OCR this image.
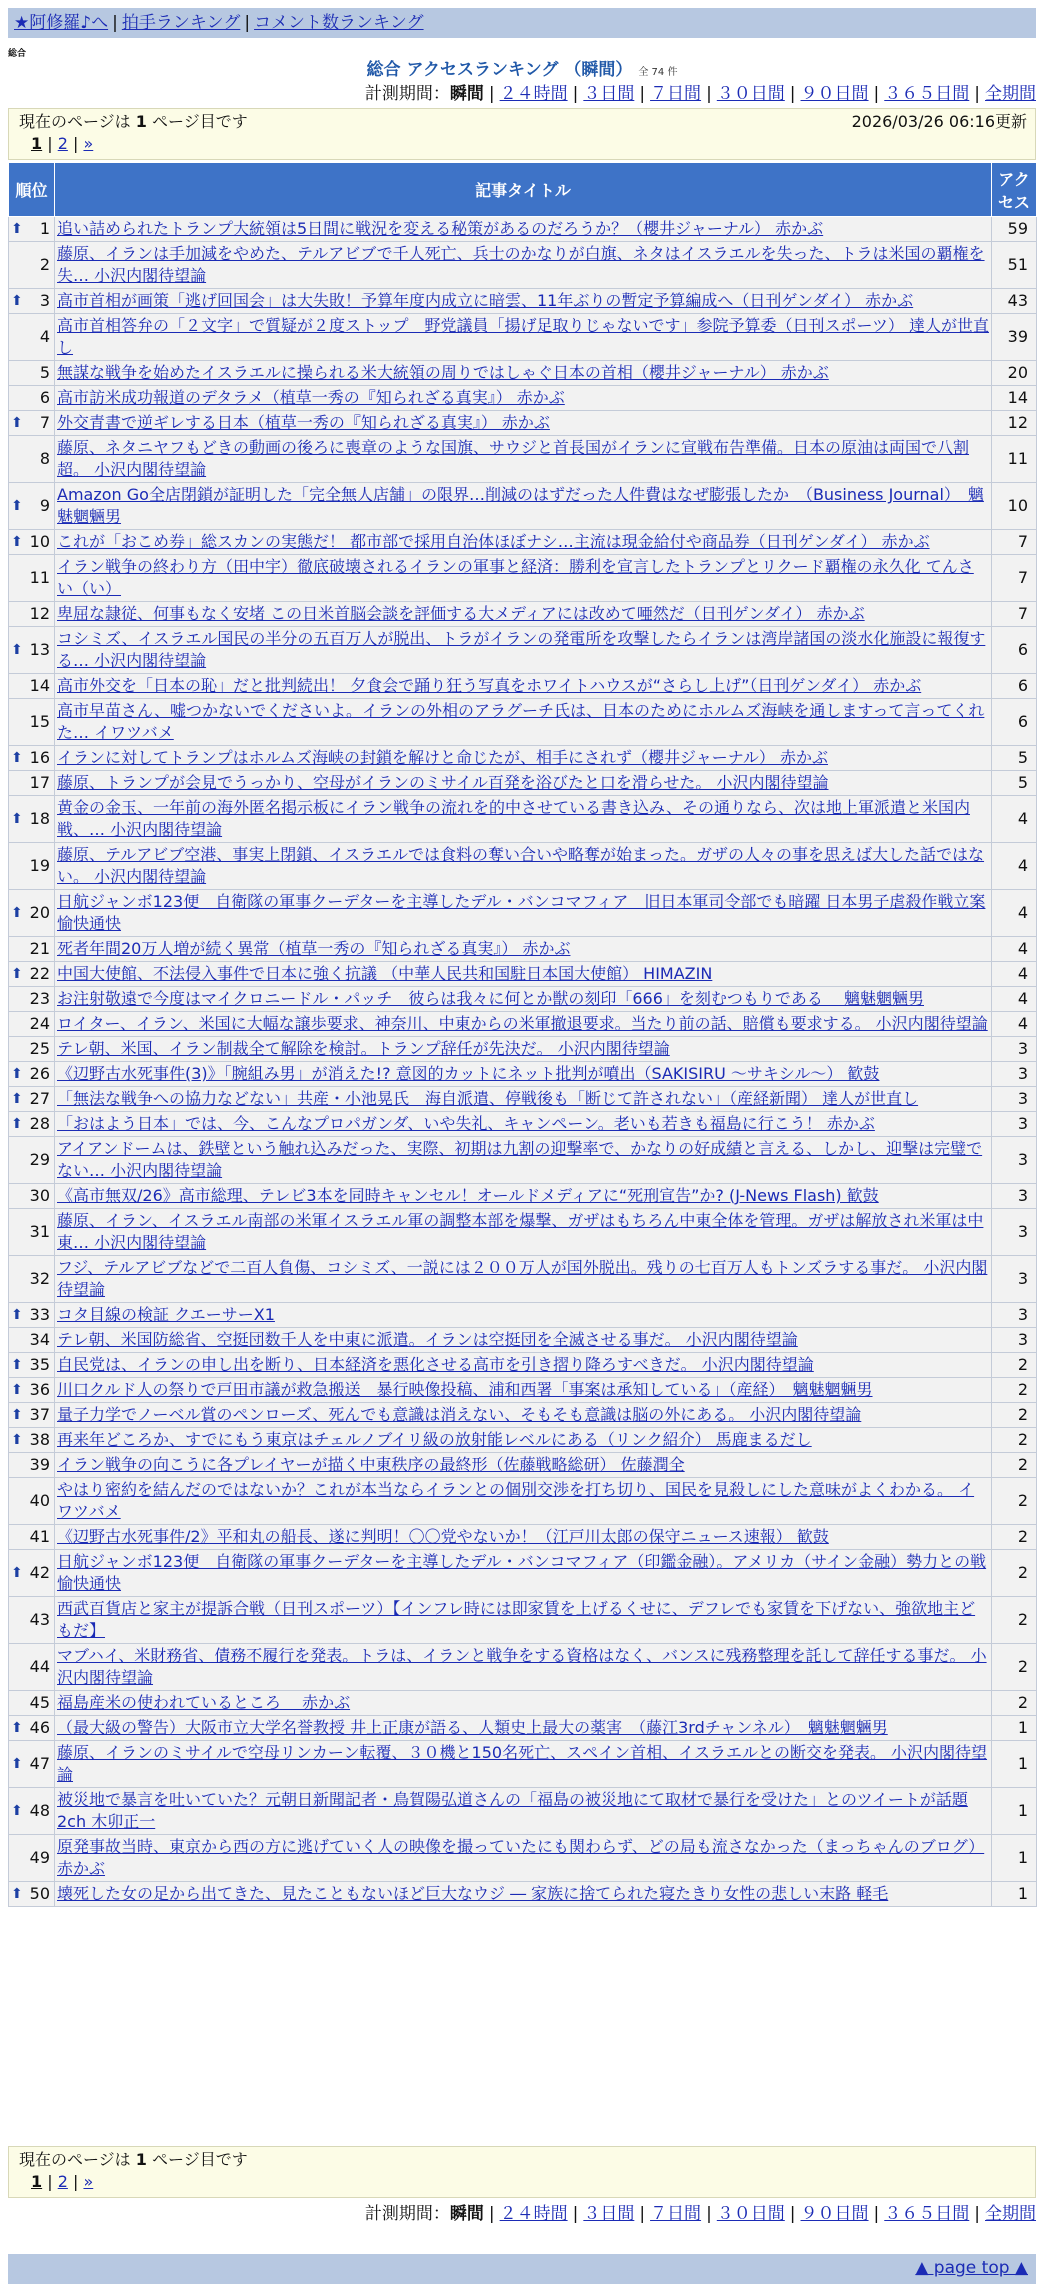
★阿修羅♪へ | 拍手ランキング | コメント数ランキング
総合
総合 アクセスランキング （瞬間） 全 74 件
計測期間：瞬間 | ２４時間 | ３日間 | ７日間 | ３０日間 | ９０日間 | ３６５日間 | 全期間
現在のページは 1 ページ目です	2026/03/26 06:16更新
1 | 2 | »
順位	記事タイトル	アクセス

⬆ 1	追い詰められたトランプ大統領は5日間に戦況を変える秘策があるのだろうか？（櫻井ジャーナル） 赤かぶ	59
2	藤原、イランは手加減をやめた、テルアビブで千人死亡、兵士のかなりが白旗、ネタはイスラエルを失った、トラは米国の覇権を失… 小沢内閣待望論	51

⬆ 3	高市首相が画策「逃げ回国会」は大失敗！予算年度内成立に暗雲、11年ぶりの暫定予算編成へ（日刊ゲンダイ） 赤かぶ	43
4	高市首相答弁の「２文字」で質疑が２度ストップ　野党議員「揚げ足取りじゃないです」参院予算委（日刊スポーツ） 達人が世直し	39
5	無謀な戦争を始めたイスラエルに操られる米大統領の周りではしゃぐ日本の首相（櫻井ジャーナル） 赤かぶ	20
6	高市訪米成功報道のデタラメ（植草一秀の『知られざる真実』） 赤かぶ	14

⬆ 7	外交青書で逆ギレする日本（植草一秀の『知られざる真実』） 赤かぶ	12
8	藤原、ネタニヤフもどきの動画の後ろに喪章のような国旗、サウジと首長国がイランに宣戦布告準備。日本の原油は両国で八割超。 小沢内閣待望論	11

⬆ 9	Amazon Go全店閉鎖が証明した「完全無人店舗」の限界…削減のはずだった人件費はなぜ膨張したか　（Business Journal）　魑魅魍魎男	10

⬆ 10	これが「おこめ券」総スカンの実態だ！ 都市部で採用自治体ほぼナシ…主流は現金給付や商品券（日刊ゲンダイ） 赤かぶ	7
11	イラン戦争の終わり方（田中宇）徹底破壊されるイランの軍事と経済：勝利を宣言したトランプとリクード覇権の永久化 てんさい（い）	7
12	卑屈な隷従、何事もなく安堵 この日米首脳会談を評価する大メディアには改めて唖然だ（日刊ゲンダイ） 赤かぶ	7

⬆ 13	コシミズ、イスラエル国民の半分の五百万人が脱出、トラがイランの発電所を攻撃したらイランは湾岸諸国の淡水化施設に報復する… 小沢内閣待望論	6
14	高市外交を「日本の恥」だと批判続出！ 夕食会で踊り狂う写真をホワイトハウスが“さらし上げ”（日刊ゲンダイ） 赤かぶ	6
15	高市早苗さん、嘘つかないでくださいよ。イランの外相のアラグーチ氏は、日本のためにホルムズ海峡を通しますって言ってくれた… イワツバメ	6

⬆ 16	イランに対してトランプはホルムズ海峡の封鎖を解けと命じたが、相手にされず（櫻井ジャーナル） 赤かぶ	5
17	藤原、トランプが会見でうっかり、空母がイランのミサイル百発を浴びたと口を滑らせた。 小沢内閣待望論	5

⬆ 18	黄金の金玉、一年前の海外匿名掲示板にイラン戦争の流れを的中させている書き込み、その通りなら、次は地上軍派遣と米国内戦、… 小沢内閣待望論	4
19	藤原、テルアビブ空港、事実上閉鎖、イスラエルでは食料の奪い合いや略奪が始まった。ガザの人々の事を思えば大した話ではない。 小沢内閣待望論	4

⬆ 20	日航ジャンボ123便　自衛隊の軍事クーデターを主導したデル・バンコマフィア　旧日本軍司令部でも暗躍 日本男子虐殺作戦立案 愉快通快	4
21	死者年間20万人増が続く異常（植草一秀の『知られざる真実』） 赤かぶ	4

⬆ 22	中国大使館、不法侵入事件で日本に強く抗議 （中華人民共和国駐日本国大使館） HIMAZIN	4
23	お注射敬遠で今度はマイクロニードル・パッチ　彼らは我々に何とか獣の刻印「666」を刻むつもりである　 魑魅魍魎男	4
24	ロイター、イラン、米国に大幅な譲歩要求、神奈川、中東からの米軍撤退要求。当たり前の話、賠償も要求する。 小沢内閣待望論	4
25	テレ朝、米国、イラン制裁全て解除を検討。トランプ辞任が先決だ。 小沢内閣待望論	3

⬆ 26	《辺野古水死事件(3)》「腕組み男」が消えた!? 意図的カットにネット批判が噴出（SAKISIRU 〜サキシル〜） 歓鼓	3

⬆ 27	「無法な戦争への協力などない」共産・小池晃氏　海自派遣、停戦後も「断じて許されない」（産経新聞） 達人が世直し	3

⬆ 28	「おはよう日本」では、今、こんなプロパガンダ、いや失礼、キャンペーン。老いも若きも福島に行こう！ 赤かぶ	3
29	アイアンドームは、鉄壁という触れ込みだった、実際、初期は九割の迎撃率で、かなりの好成績と言える、しかし、迎撃は完璧でない… 小沢内閣待望論	3
30	《高市無双/26》高市総理、テレビ3本を同時キャンセル！オールドメディアに“死刑宣告”か? (J-News Flash) 歓鼓	3
31	藤原、イラン、イスラエル南部の米軍イスラエル軍の調整本部を爆撃、ガザはもちろん中東全体を管理。ガザは解放され米軍は中東… 小沢内閣待望論	3
32	フジ、テルアビブなどで二百人負傷、コシミズ、一説には２００万人が国外脱出。残りの七百万人もトンズラする事だ。 小沢内閣待望論	3

⬆ 33	コタ目線の検証 クエーサーX1	3
34	テレ朝、米国防総省、空挺団数千人を中東に派遣。イランは空挺団を全滅させる事だ。 小沢内閣待望論	3

⬆ 35	自民党は、イランの申し出を断り、日本経済を悪化させる高市を引き摺り降ろすべきだ。 小沢内閣待望論	2

⬆ 36	川口クルド人の祭りで戸田市議が救急搬送　暴行映像投稿、浦和西署「事案は承知している」（産経）　魑魅魍魎男	2

⬆ 37	量子力学でノーベル賞のペンローズ、死んでも意識は消えない、そもそも意識は脳の外にある。 小沢内閣待望論	2

⬆ 38	再来年どころか、すでにもう東京はチェルノブイリ級の放射能レベルにある（リンク紹介） 馬鹿まるだし	2
39	イラン戦争の向こうに各プレイヤーが描く中東秩序の最終形（佐藤戦略総研） 佐藤潤全	2
40	やはり密約を結んだのではないか？これが本当ならイランとの個別交渉を打ち切り、国民を見殺しにした意味がよくわかる。 イワツバメ	2
41	《辺野古水死事件/2》平和丸の船長、遂に判明！〇〇党やないか！（江戸川太郎の保守ニュース速報） 歓鼓	2

⬆ 42	日航ジャンボ123便　自衛隊の軍事クーデターを主導したデル・バンコマフィア（印鑑金融）。アメリカ（サイン金融）勢力との戦 愉快通快	2
43	西武百貨店と家主が提訴合戦（日刊スポーツ）【インフレ時には即家賃を上げるくせに、デフレでも家賃を下げない、強欲地主どもだ】	2
44	マブハイ、米財務省、債務不履行を発表。トラは、イランと戦争をする資格はなく、バンスに残務整理を託して辞任する事だ。 小沢内閣待望論	2
45	福島産米の使われているところ　 赤かぶ	2

⬆ 46	（最大級の警告）大阪市立大学名誉教授 井上正康が語る、人類史上最大の薬害　（藤江3rdチャンネル）　魑魅魍魎男	1

⬆ 47	藤原、イランのミサイルで空母リンカーン転覆、３０機と150名死亡、スペイン首相、イスラエルとの断交を発表。 小沢内閣待望論	1

⬆ 48	被災地で暴言を吐いていた？元朝日新聞記者・鳥賀陽弘道さんの「福島の被災地にて取材で暴行を受けた」とのツイートが話題 2ch 木卯正一	1
49	原発事故当時、東京から西の方に逃げていく人の映像を撮っていたにも関わらず、どの局も流さなかった（まっちゃんのブログ） 赤かぶ	1

⬆ 50	壊死した女の足から出てきた、見たこともないほど巨大なウジ ― 家族に捨てられた寝たきり女性の悲しい末路 軽毛	1
現在のページは 1 ページ目です
1 | 2 | »
計測期間：瞬間 | ２４時間 | ３日間 | ７日間 | ３０日間 | ９０日間 | ３６５日間 | 全期間
▲ page top ▲
